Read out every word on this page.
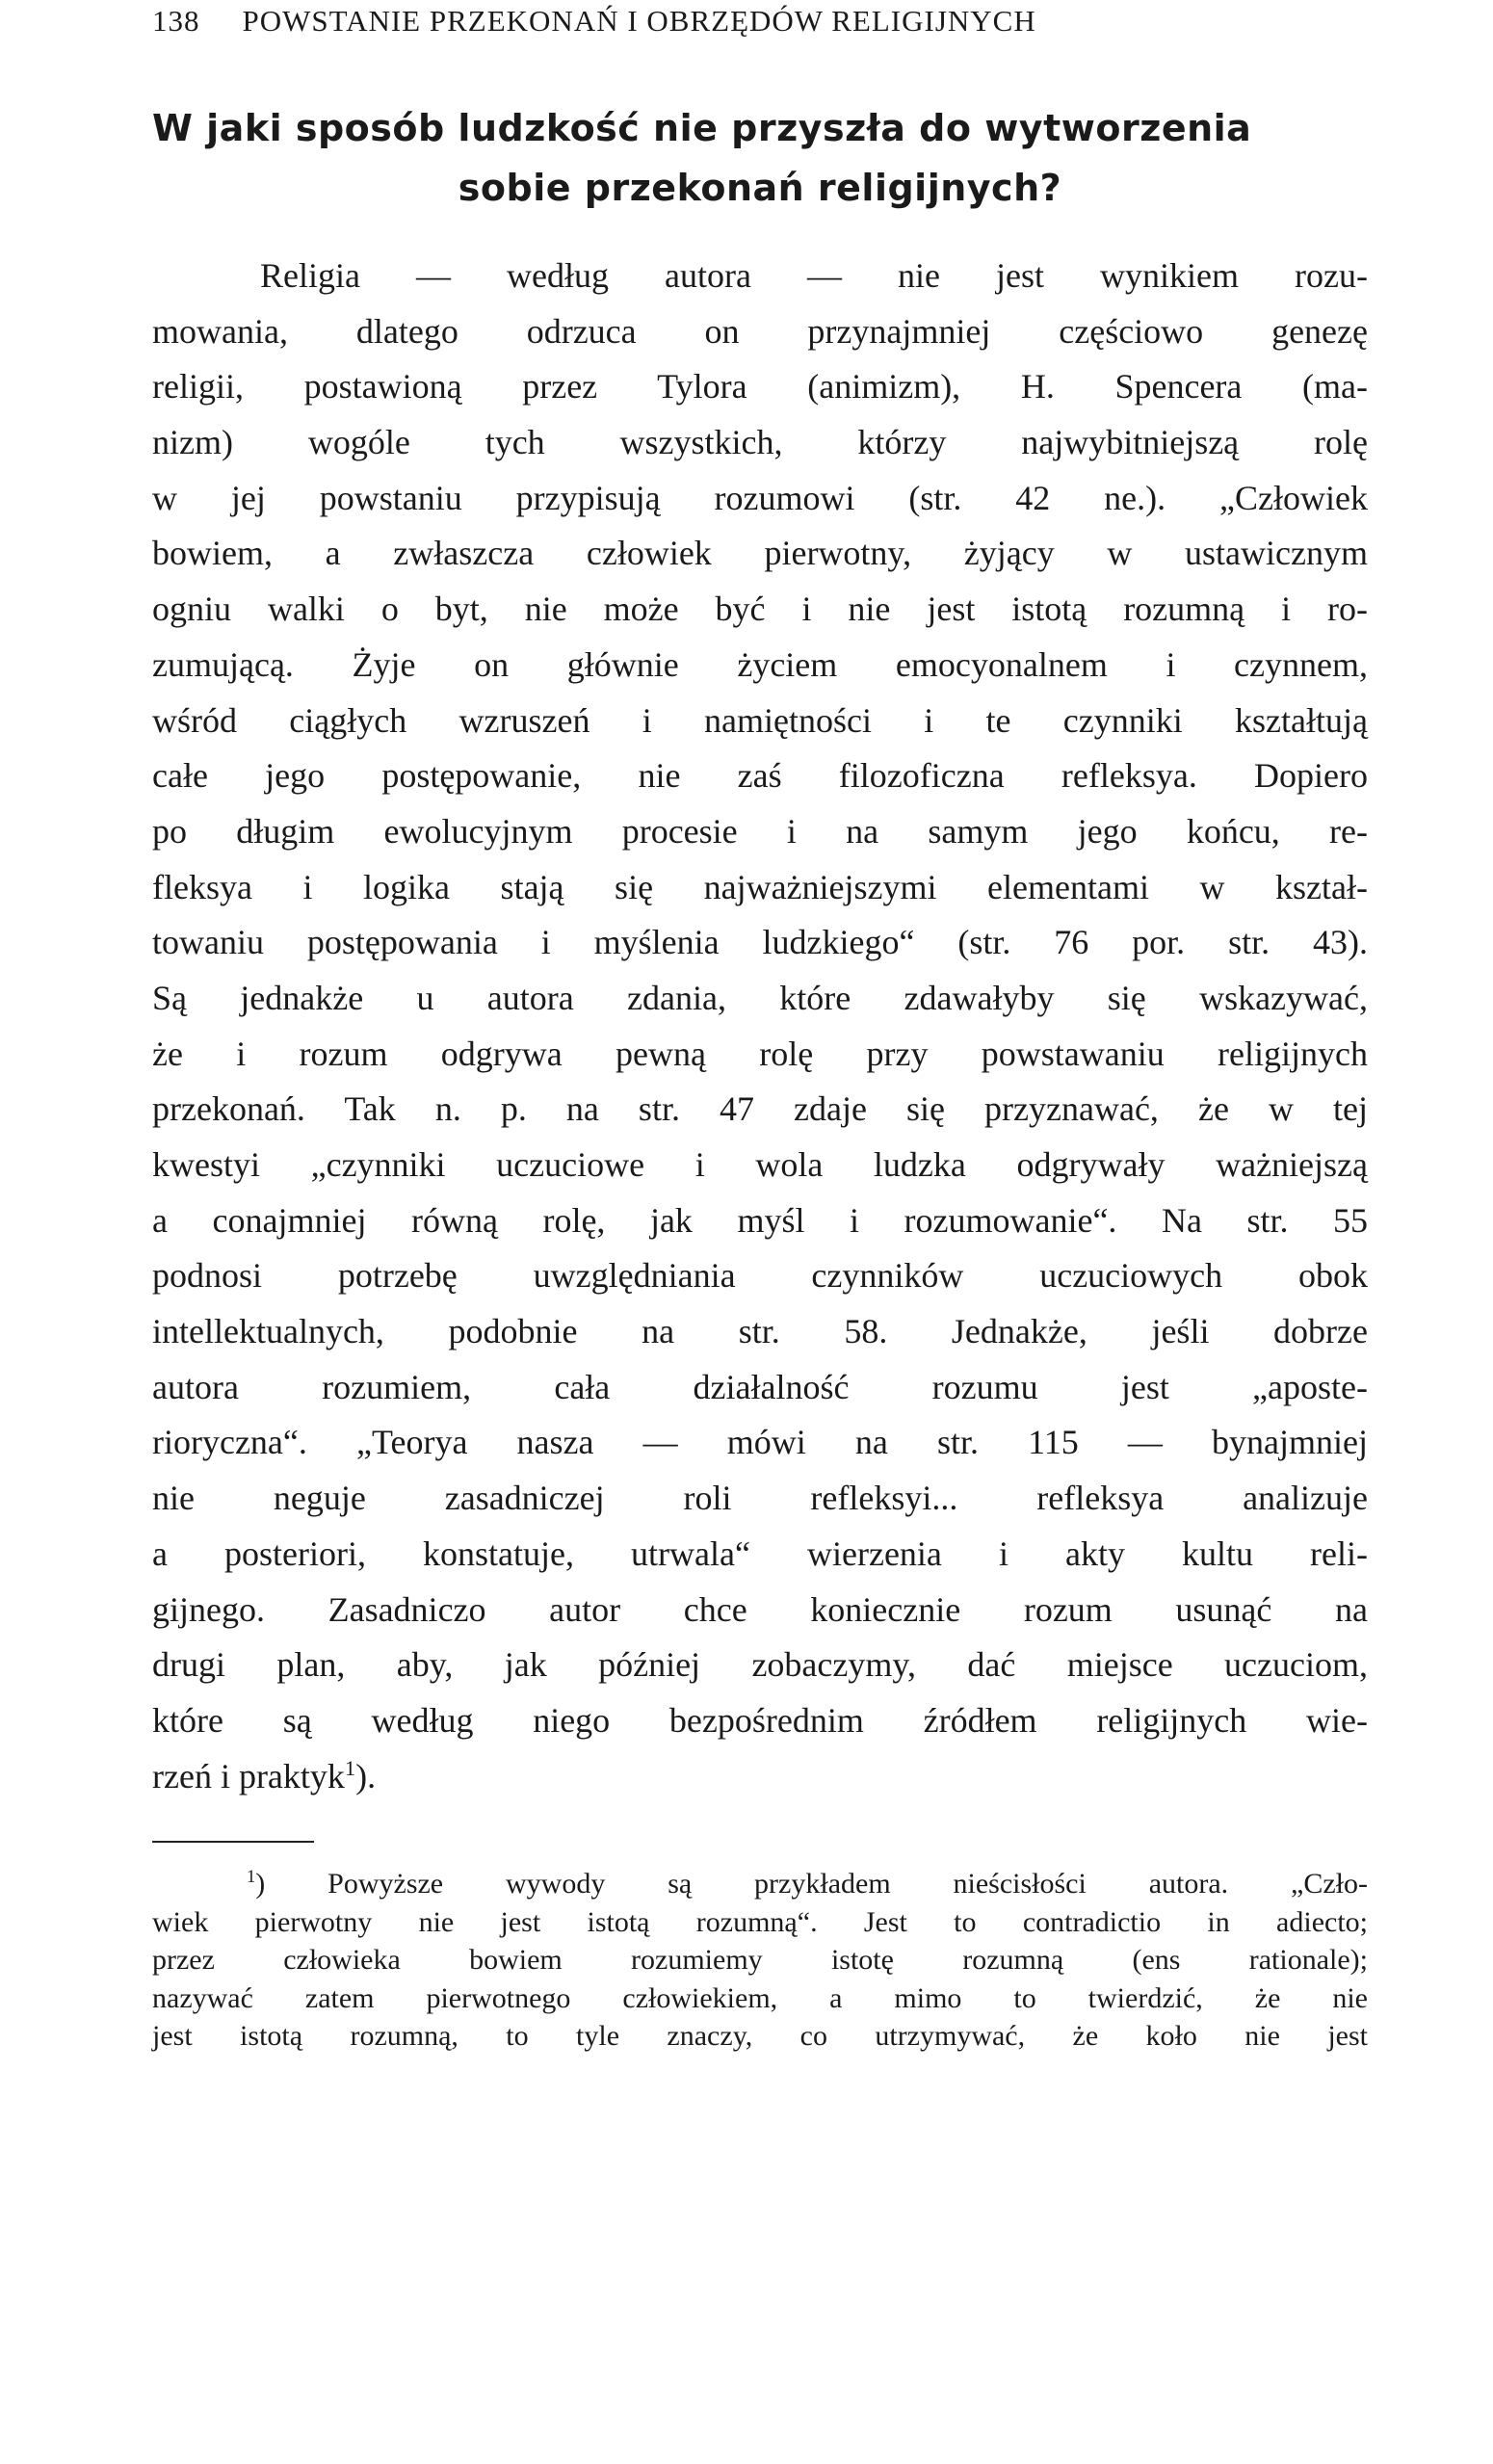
138 POWSTANIE PRZEKONAŃ I OBRZĘDÓW RELIGIJNYCH
W jaki sposób ludzkość nie przyszła do wytworzenia
sobie przekonań religijnych?
Religia — według autora — nie jest wynikiem rozu-
mowania, dlatego odrzuca on przynajmniej częściowo genezę
religii, postawioną przez Tylora (animizm), H. Spencera (ma-
nizm) wogóle tych wszystkich, którzy najwybitniejszą rolę
w jej powstaniu przypisują rozumowi (str. 42 ne.). „Człowiek
bowiem, a zwłaszcza człowiek pierwotny, żyjący w ustawicznym
ogniu walki o byt, nie może być i nie jest istotą rozumną i ro-
zumującą. Żyje on głównie życiem emocyonalnem i czynnem,
wśród ciągłych wzruszeń i namiętności i te czynniki kształtują
całe jego postępowanie, nie zaś filozoficzna refleksya. Dopiero
po długim ewolucyjnym procesie i na samym jego końcu, re-
fleksya i logika stają się najważniejszymi elementami w kształ-
towaniu postępowania i myślenia ludzkiego“ (str. 76 por. str. 43).
Są jednakże u autora zdania, które zdawałyby się wskazywać,
że i rozum odgrywa pewną rolę przy powstawaniu religijnych
przekonań. Tak n. p. na str. 47 zdaje się przyznawać, że w tej
kwestyi „czynniki uczuciowe i wola ludzka odgrywały ważniejszą
a conajmniej równą rolę, jak myśl i rozumowanie“. Na str. 55
podnosi potrzebę uwzględniania czynników uczuciowych obok
intellektualnych, podobnie na str. 58. Jednakże, jeśli dobrze
autora rozumiem, cała działalność rozumu jest „aposte-
rioryczna“. „Teorya nasza — mówi na str. 115 — bynajmniej
nie neguje zasadniczej roli refleksyi... refleksya analizuje
a posteriori, konstatuje, utrwala“ wierzenia i akty kultu reli-
gijnego. Zasadniczo autor chce koniecznie rozum usunąć na
drugi plan, aby, jak później zobaczymy, dać miejsce uczuciom,
które są według niego bezpośrednim źródłem religijnych wie-
rzeń i praktyk$^1$).
$^1$) Powyższe wywody są przykładem nieścisłości autora. „Czło-
wiek pierwotny nie jest istotą rozumną“. Jest to contradictio in adiecto;
przez człowieka bowiem rozumiemy istotę rozumną (ens rationale);
nazywać zatem pierwotnego człowiekiem, a mimo to twierdzić, że nie
jest istotą rozumną, to tyle znaczy, co utrzymywać, że koło nie jest
